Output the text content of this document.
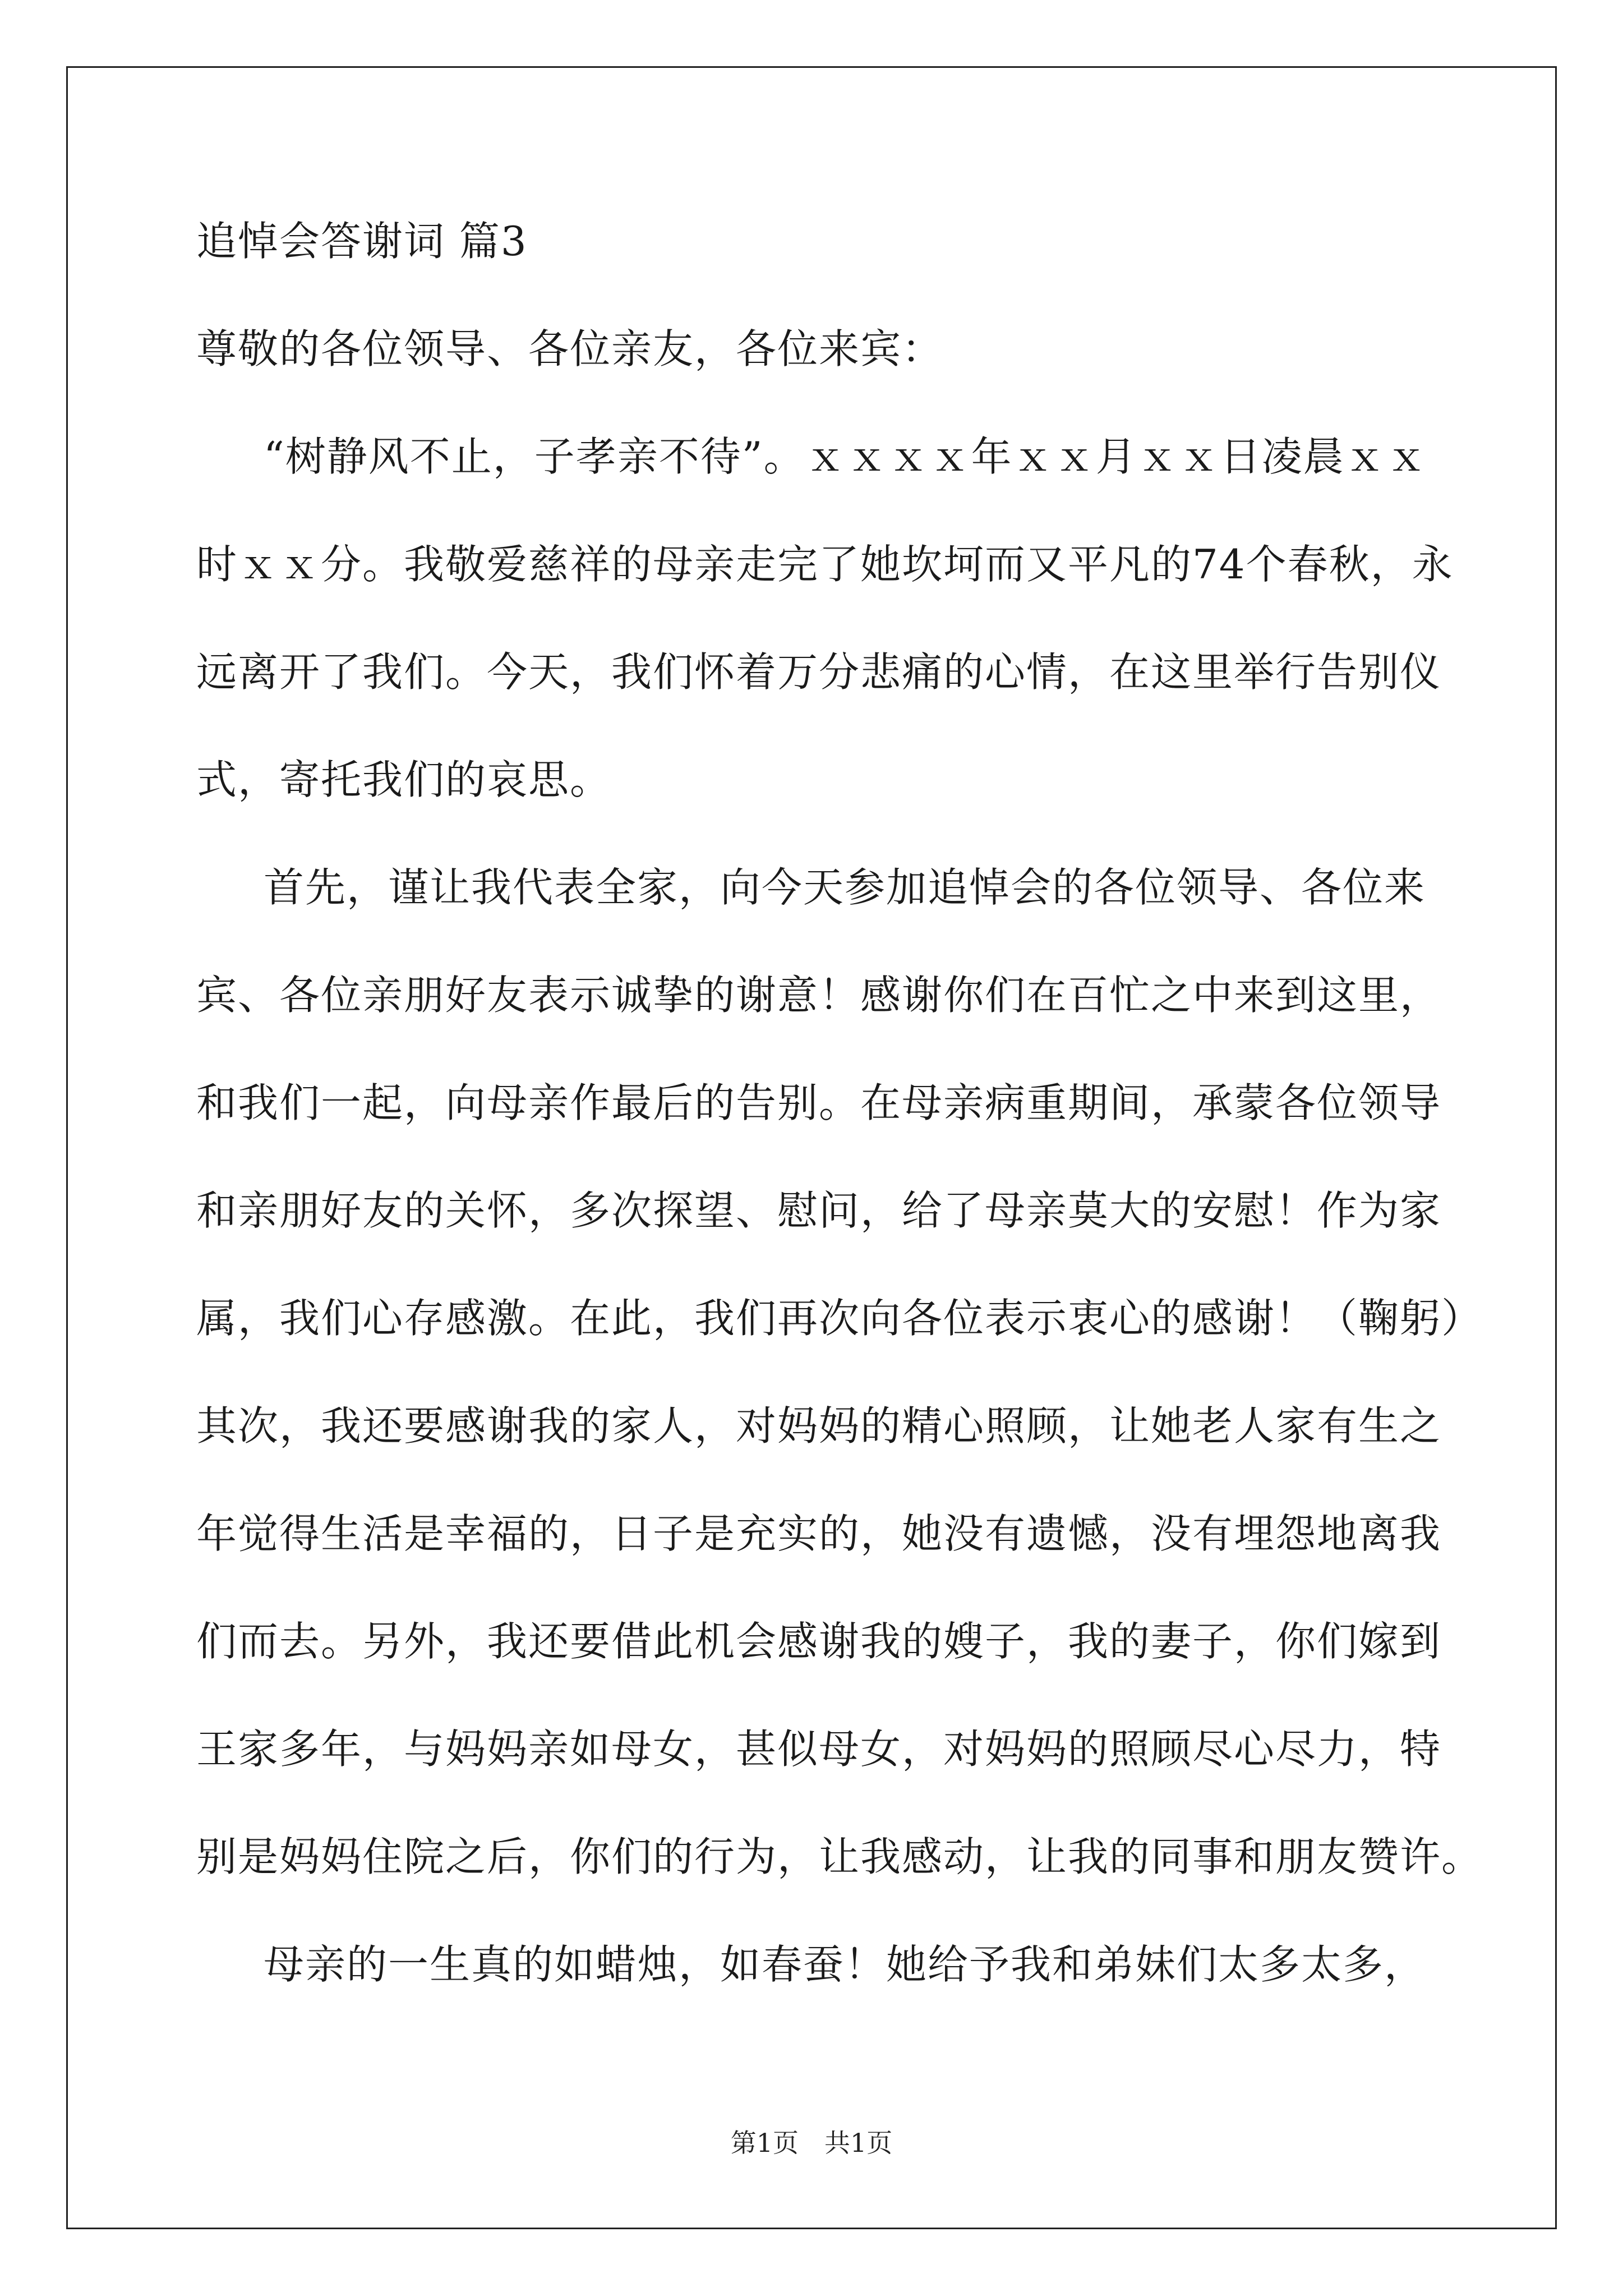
追悼会答谢词 篇3
尊敬的各位领导、各位亲友，各位来宾：
“树静风不止，子孝亲不待”。ｘｘｘｘ年ｘｘ月ｘｘ日凌晨ｘｘ
时ｘｘ分。我敬爱慈祥的母亲走完了她坎坷而又平凡的74个春秋，永
远离开了我们。今天，我们怀着万分悲痛的心情，在这里举行告别仪
式，寄托我们的哀思。
首先，谨让我代表全家，向今天参加追悼会的各位领导、各位来
宾、各位亲朋好友表示诚挚的谢意！感谢你们在百忙之中来到这里，
和我们一起，向母亲作最后的告别。在母亲病重期间，承蒙各位领导
和亲朋好友的关怀，多次探望、慰问，给了母亲莫大的安慰！作为家
属，我们心存感激。在此，我们再次向各位表示衷心的感谢！（鞠躬）
其次，我还要感谢我的家人，对妈妈的精心照顾，让她老人家有生之
年觉得生活是幸福的，日子是充实的，她没有遗憾，没有埋怨地离我
们而去。另外，我还要借此机会感谢我的嫂子，我的妻子，你们嫁到
王家多年，与妈妈亲如母女，甚似母女，对妈妈的照顾尽心尽力，特
别是妈妈住院之后，你们的行为，让我感动，让我的同事和朋友赞许。
母亲的一生真的如蜡烛，如春蚕！她给予我和弟妹们太多太多，
第1页　共1页
